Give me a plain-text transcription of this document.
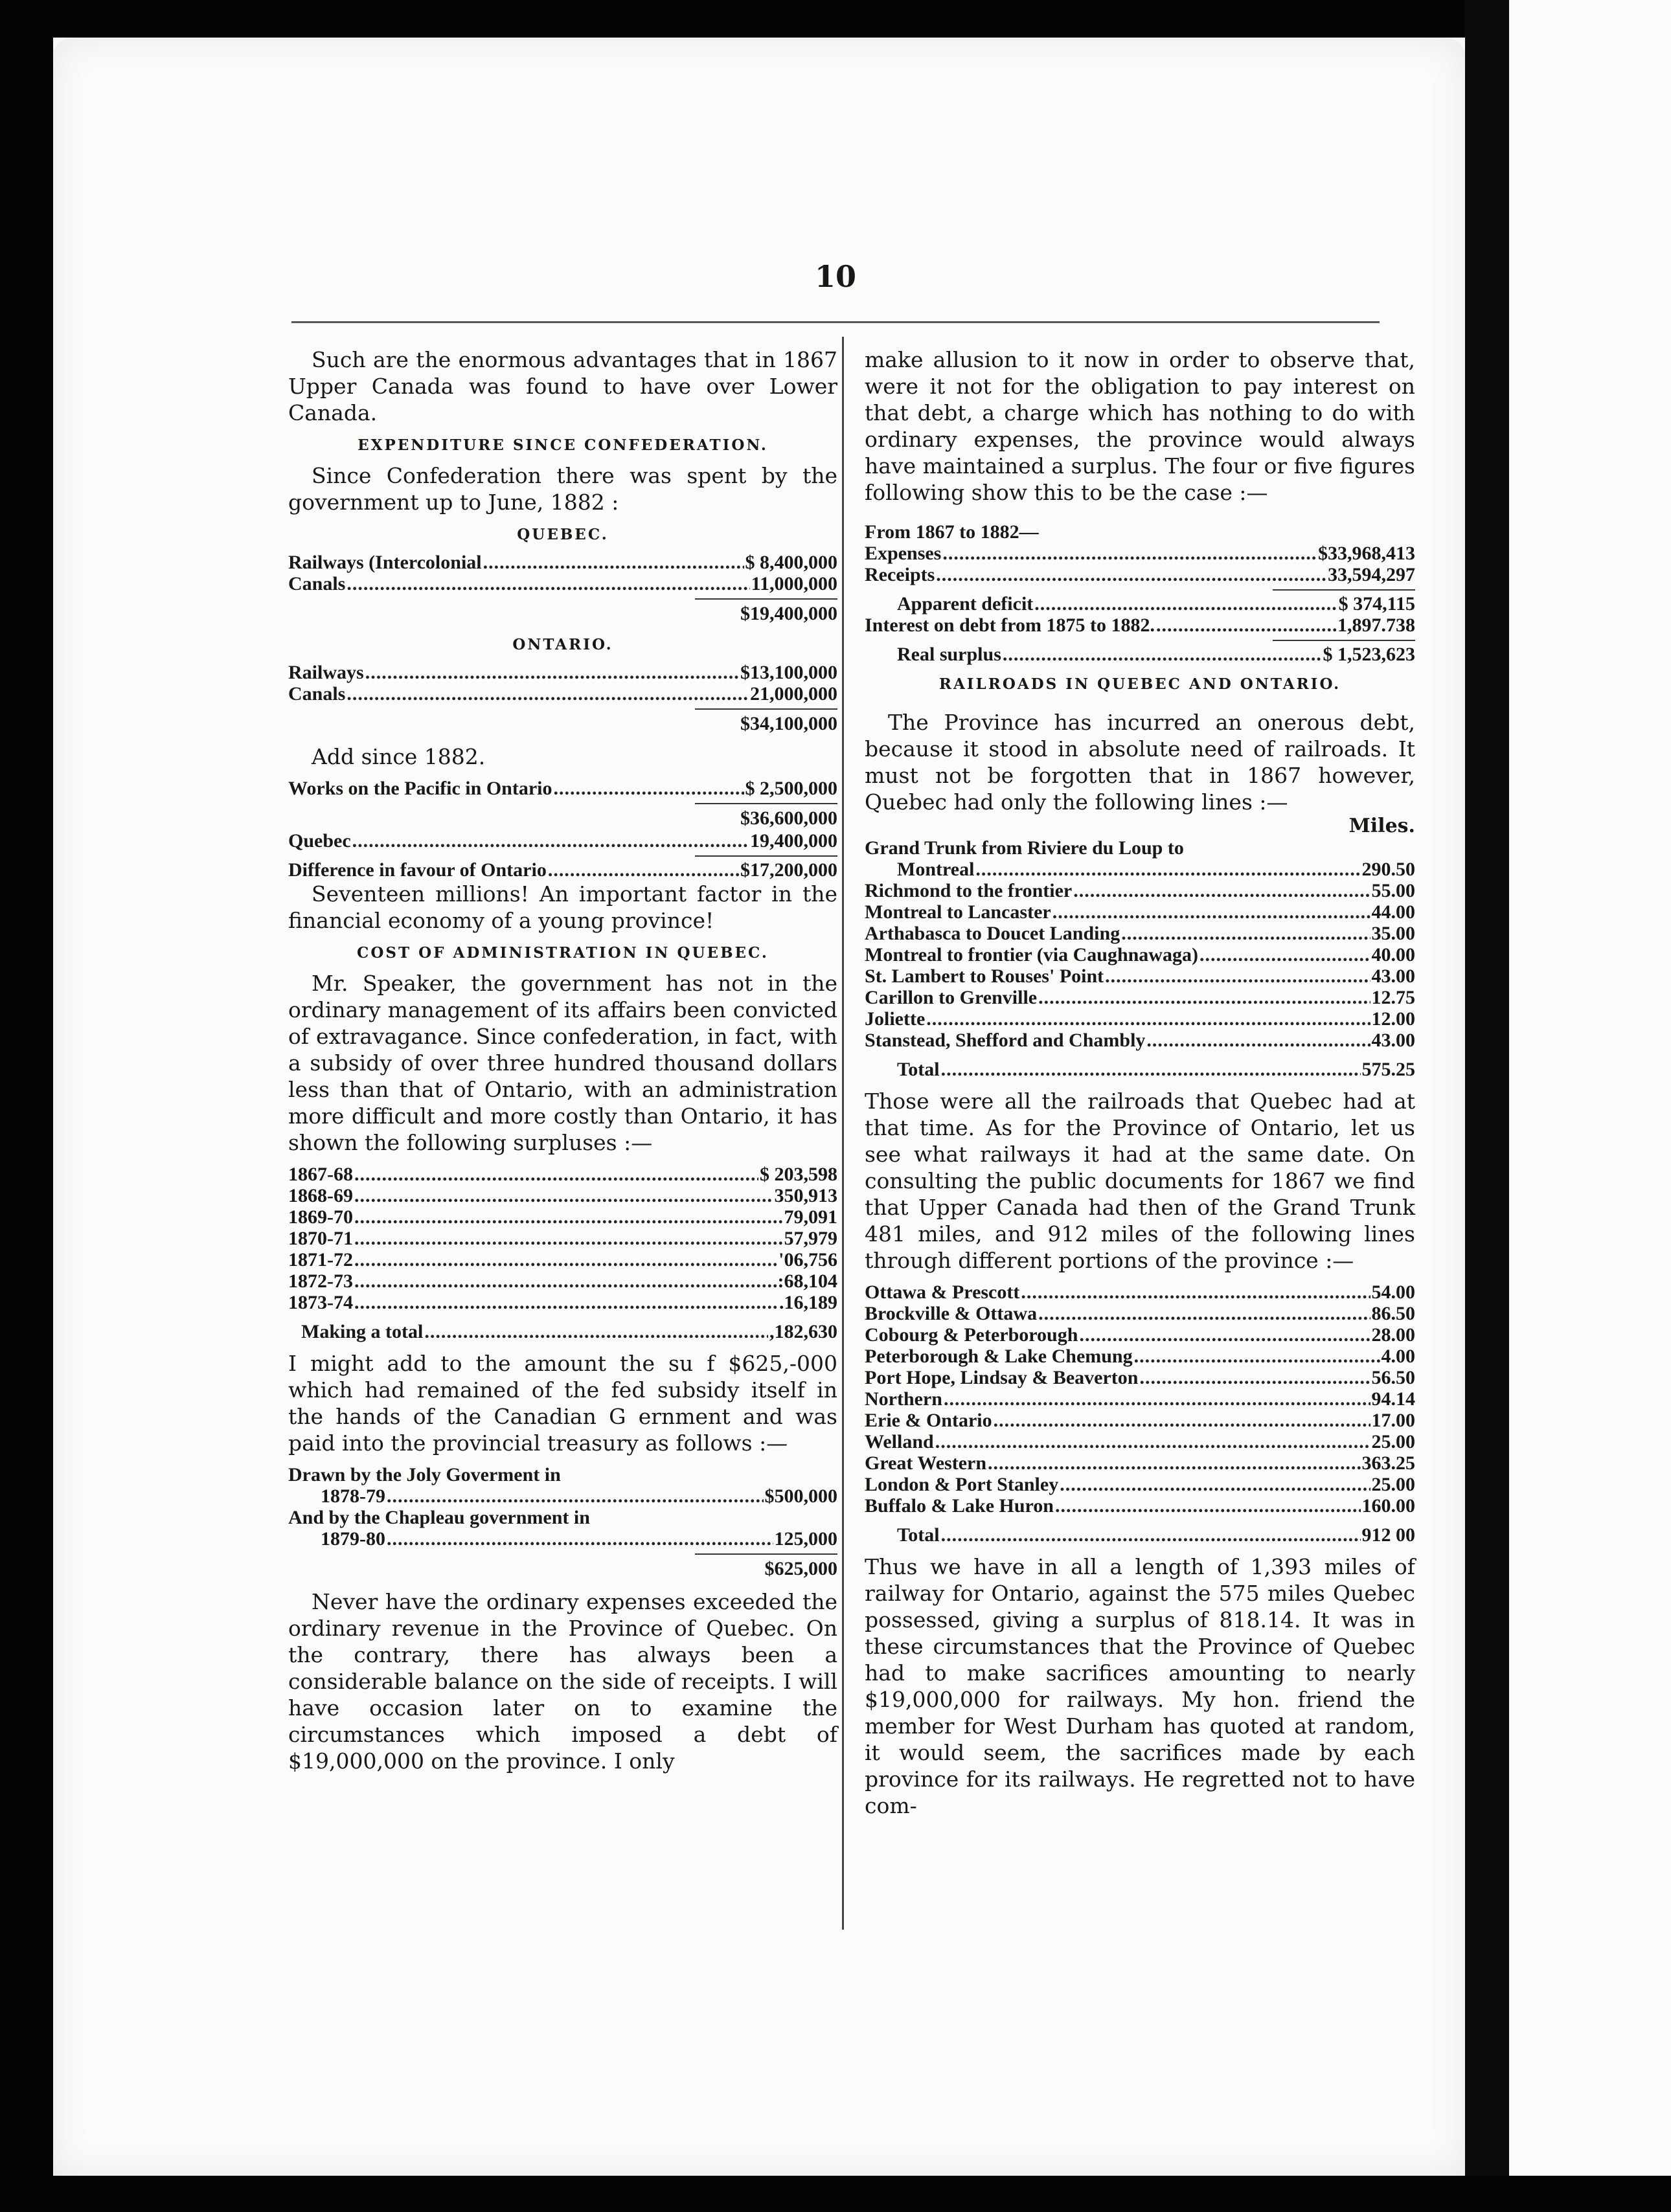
10

Such are the enormous advantages that in 1867 Upper Canada was found to have over Lower Canada.

EXPENDITURE SINCE CONFEDERATION.

Since Confederation there was spent by the government up to June, 1882 :

QUEBEC.
Railways (Intercolonial .....	$ 8,400,000
Canals .....	11,000,000
$19,400,000
ONTARIO.
Railways .....	$13,100,000
Canals .....	21,000,000
$34,100,000

Add since 1882.

Works on the Pacific in Ontario .....	$ 2,500,000
$36,600,000
Quebec .....	19,400,000
Difference in favour of Ontario .....	$17,200,000

Seventeen millions! An important factor in the financial economy of a young province!

COST OF ADMINISTRATION IN QUEBEC.

Mr. Speaker, the government has not in the ordinary management of its affairs been convicted of extravagance. Since confederation, in fact, with a subsidy of over three hundred thousand dollars less than that of Ontario, with an administration more difficult and more costly than Ontario, it has shown the following surpluses :—

1867-68 .....	$ 203,598
1868-69 .....	350,913
1869-70 .....	79,091
1870-71 .....	57,979
1871-72 .....	'06,756
1872-73 .....	:68,104
1873-74 .....	.16,189
Making a total .....	,182,630

I might add to the amount the su f $625,-000 which had remained of the fed subsidy itself in the hands of the Canadian G ernment and was paid into the provincial treasury as follows :—

Drawn by the Joly Goverment in
1878-79 .....	$500,000
And by the Chapleau government in
1879-80 .....	125,000
$625,000

Never have the ordinary expenses exceeded the ordinary revenue in the Province of Quebec. On the contrary, there has always been a considerable balance on the side of receipts. I will have occasion later on to examine the circumstances which imposed a debt of $19,000,000 on the province. I only

make allusion to it now in order to observe that, were it not for the obligation to pay interest on that debt, a charge which has nothing to do with ordinary expenses, the province would always have maintained a surplus. The four or five figures following show this to be the case :—

From 1867 to 1882—
Expenses .....	$33,968,413
Receipts .....	33,594,297
Apparent deficit .....	$ 374,115
Interest on debt from 1875 to 1882. .....	1,897.738
Real surplus .....	$ 1,523,623
RAILROADS IN QUEBEC AND ONTARIO.

The Province has incurred an onerous debt, because it stood in absolute need of railroads. It must not be forgotten that in 1867 however, Quebec had only the following lines :—

Miles.
Grand Trunk from Riviere du Loup to
Montreal .....	290.50
Richmond to the frontier .....	55.00
Montreal to Lancaster .....	44.00
Arthabasca to Doucet Landing .....	35.00
Montreal to frontier (via Caughnawaga) .....	40.00
St. Lambert to Rouses' Point .....	43.00
Carillon to Grenville .....	12.75
Joliette .....	12.00
Stanstead, Shefford and Chambly .....	43.00
Total .....	575.25

Those were all the railroads that Quebec had at that time. As for the Province of Ontario, let us see what railways it had at the same date. On consulting the public documents for 1867 we find that Upper Canada had then of the Grand Trunk 481 miles, and 912 miles of the following lines through different portions of the province :—

Ottawa & Prescott .....	54.00
Brockville & Ottawa .....	86.50
Cobourg & Peterborough .....	28.00
Peterborough & Lake Chemung .....	4.00
Port Hope, Lindsay & Beaverton .....	56.50
Northern .....	94.14
Erie & Ontario .....	17.00
Welland .....	25.00
Great Western .....	363.25
London & Port Stanley .....	25.00
Buffalo & Lake Huron .....	160.00
Total .....	912 00

Thus we have in all a length of 1,393 miles of railway for Ontario, against the 575 miles Quebec possessed, giving a surplus of 818.14. It was in these circumstances that the Province of Quebec had to make sacrifices amounting to nearly $19,000,000 for railways. My hon. friend the member for West Durham has quoted at random, it would seem, the sacrifices made by each province for its railways. He regretted not to have com-
